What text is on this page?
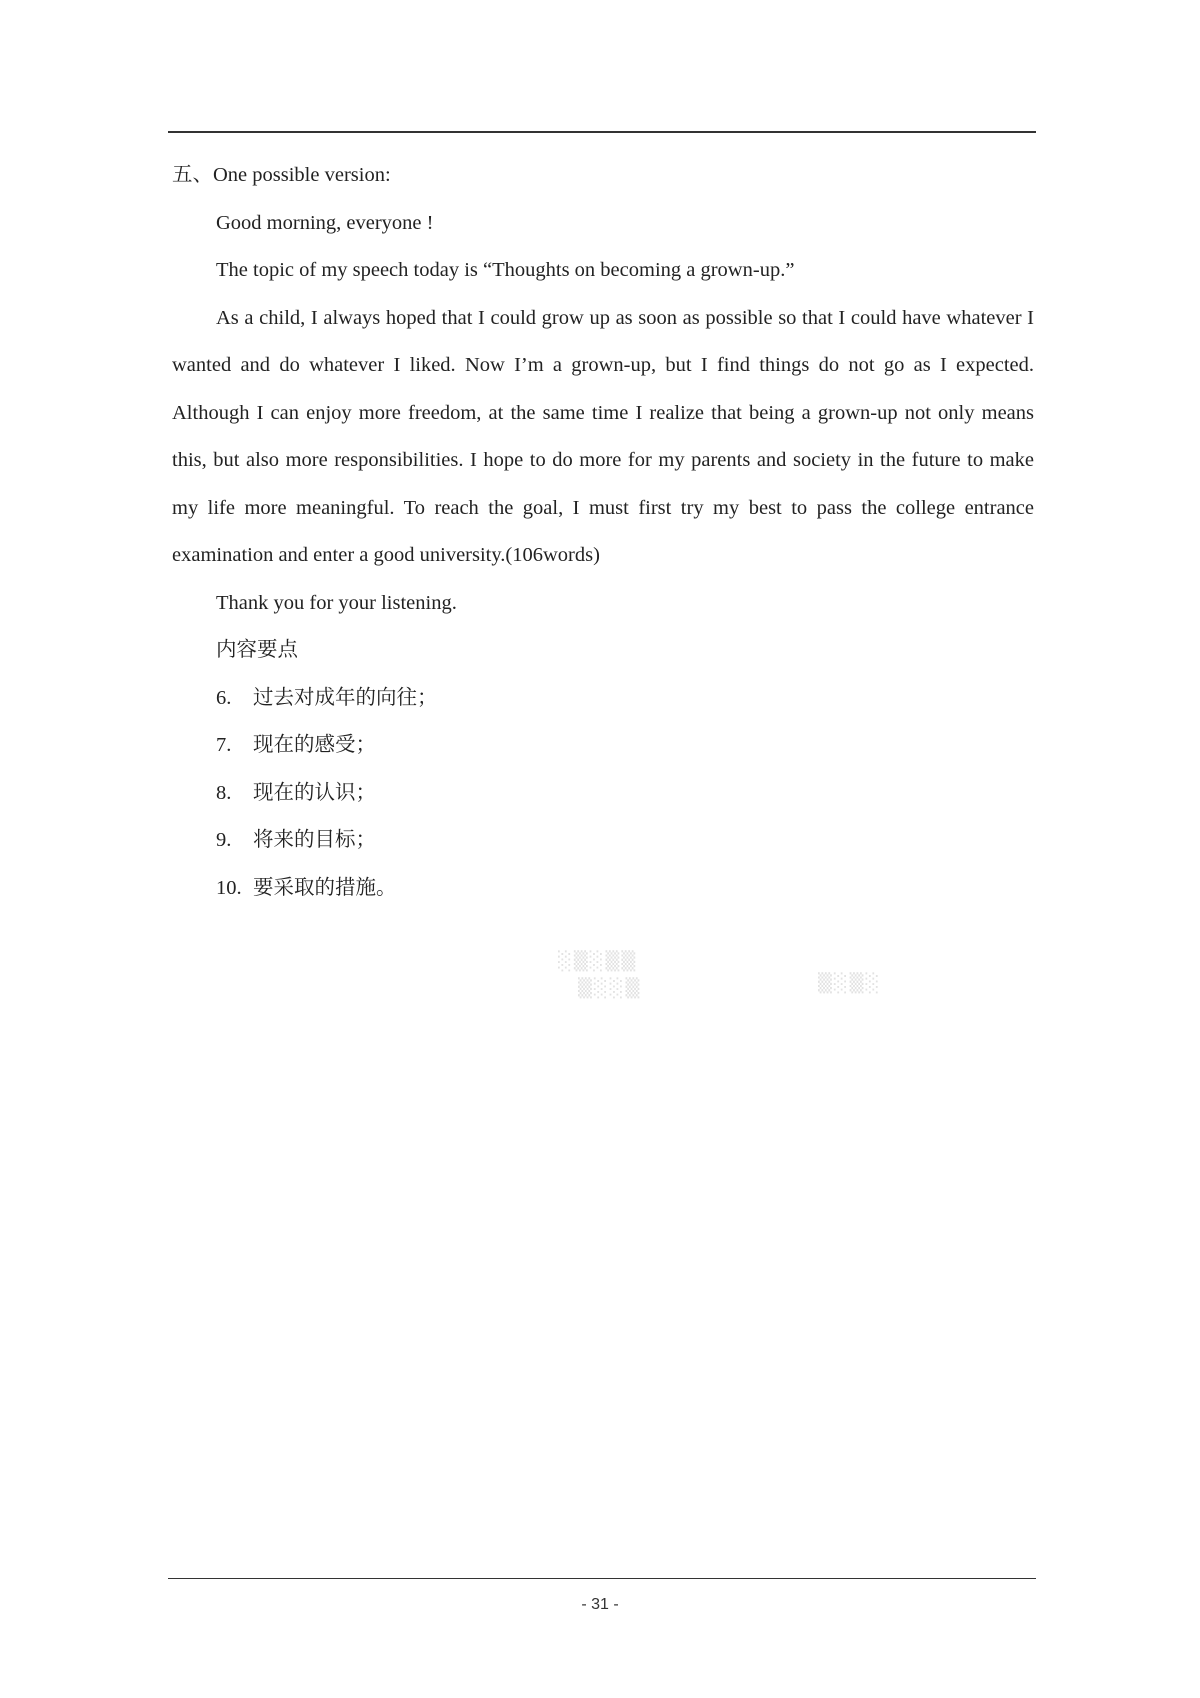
五、One possible version:

Good morning, everyone !

The topic of my speech today is “Thoughts on becoming a grown-up.”

As a child, I always hoped that I could grow up as soon as possible so that I could have whatever I wanted and do whatever I liked. Now I’m a grown-up, but I find things do not go as I expected. Although I can enjoy more freedom, at the same time I realize that being a grown-up not only means this, but also more responsibilities. I hope to do more for my parents and society in the future to make my life more meaningful. To reach the goal, I must first try my best to pass the college entrance examination and enter a good university.(106words)

Thank you for your listening.

内容要点

6. 过去对成年的向往；
7. 现在的感受；
8. 现在的认识；
9. 将来的目标；
10. 要采取的措施。
░▒░▒▒
▒░░▒	▒░▒░
- 31 -
